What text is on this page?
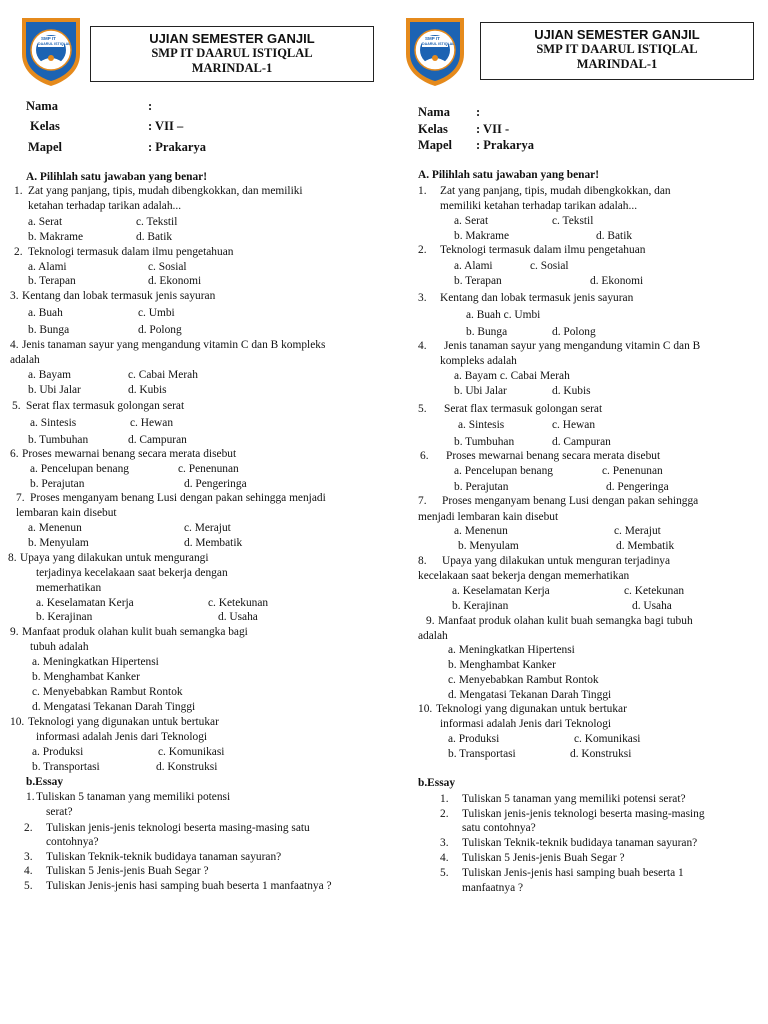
SMP IT
DAARUL ISTIQLAL	UJIAN SEMESTER GANJIL
SMP IT DAARUL ISTIQLAL
MARINDAL-1
Nama	:
Kelas	: VII –
Mapel	: Prakarya
A. Pilihlah satu jawaban yang benar!
1. Zat yang panjang, tipis, mudah dibengkokkan, dan memiliki
ketahan terhadap tarikan adalah...
a. Serat	c. Tekstil
b. Makrame	d. Batik
2. Teknologi termasuk dalam ilmu pengetahuan
a. Alami	c. Sosial
b. Terapan	d. Ekonomi
3. Kentang dan lobak termasuk jenis sayuran
a. Buah	c. Umbi
b. Bunga	d. Polong
4. Jenis tanaman sayur yang mengandung vitamin C dan B kompleks
adalah
a. Bayam	c. Cabai Merah
b. Ubi Jalar	d. Kubis
5. Serat flax termasuk golongan serat
a. Sintesis	c. Hewan
b. Tumbuhan	d. Campuran
6. Proses mewarnai benang secara merata disebut
a. Pencelupan benang	c. Penenunan
b. Perajutan	d. Pengeringa
7. Proses menganyam benang Lusi dengan pakan sehingga menjadi
lembaran kain disebut
a. Menenun	c. Merajut
b. Menyulam	d. Membatik
8. Upaya yang dilakukan untuk mengurangi
terjadinya kecelakaan saat bekerja dengan
memerhatikan
a. Keselamatan Kerja	c. Ketekunan
b. Kerajinan	d. Usaha
9. Manfaat produk olahan kulit buah semangka bagi
tubuh adalah
a. Meningkatkan Hipertensi
b. Menghambat Kanker
c. Menyebabkan Rambut Rontok
d. Mengatasi Tekanan Darah Tinggi
10. Teknologi yang digunakan untuk bertukar
informasi adalah Jenis dari Teknologi
a. Produksi	c. Komunikasi
b. Transportasi	d. Konstruksi
b.Essay
1. Tuliskan 5 tanaman yang memiliki potensi
serat?
2. Tuliskan jenis-jenis teknologi beserta masing-masing satu
contohnya?
3. Tuliskan Teknik-teknik budidaya tanaman sayuran?
4. Tuliskan 5 Jenis-jenis Buah Segar ?
5. Tuliskan Jenis-jenis hasi samping buah beserta 1 manfaatnya ?
SMP IT
DAARUL ISTIQLAL
UJIAN SEMESTER GANJIL
SMP IT DAARUL ISTIQLAL
MARINDAL-1
Nama :
Kelas : VII -
Mapel : Prakarya
A. Pilihlah satu jawaban yang benar!
1. Zat yang panjang, tipis, mudah dibengkokkan, dan
memiliki ketahan terhadap tarikan adalah...
a. Serat	c. Tekstil
b. Makrame	d. Batik
2. Teknologi termasuk dalam ilmu pengetahuan
a. Alami	c. Sosial
b. Terapan	d. Ekonomi
3. Kentang dan lobak termasuk jenis sayuran
a. Buah c. Umbi
b. Bunga	d. Polong
4. Jenis tanaman sayur yang mengandung vitamin C dan B
kompleks adalah
a. Bayam c. Cabai Merah
b. Ubi Jalar	d. Kubis
5. Serat flax termasuk golongan serat
a. Sintesis	c. Hewan
b. Tumbuhan	d. Campuran
6. Proses mewarnai benang secara merata disebut
a. Pencelupan benang	c. Penenunan
b. Perajutan	d. Pengeringa
7. Proses menganyam benang Lusi dengan pakan sehingga
menjadi lembaran kain disebut
a. Menenun	c. Merajut
b. Menyulam	d. Membatik
8. Upaya yang dilakukan untuk menguran terjadinya
kecelakaan saat bekerja dengan memerhatikan
a. Keselamatan Kerja	c. Ketekunan
b. Kerajinan	d. Usaha
9. Manfaat produk olahan kulit buah semangka bagi tubuh
adalah
a. Meningkatkan Hipertensi
b. Menghambat Kanker
c. Menyebabkan Rambut Rontok
d. Mengatasi Tekanan Darah Tinggi
10. Teknologi yang digunakan untuk bertukar
informasi adalah Jenis dari Teknologi
a. Produksi	c. Komunikasi
b. Transportasi	d. Konstruksi
b.Essay
1. Tuliskan 5 tanaman yang memiliki potensi serat?
2. Tuliskan jenis-jenis teknologi beserta masing-masing
satu contohnya?
3. Tuliskan Teknik-teknik budidaya tanaman sayuran?
4. Tuliskan 5 Jenis-jenis Buah Segar ?
5. Tuliskan Jenis-jenis hasi samping buah beserta 1
manfaatnya ?
